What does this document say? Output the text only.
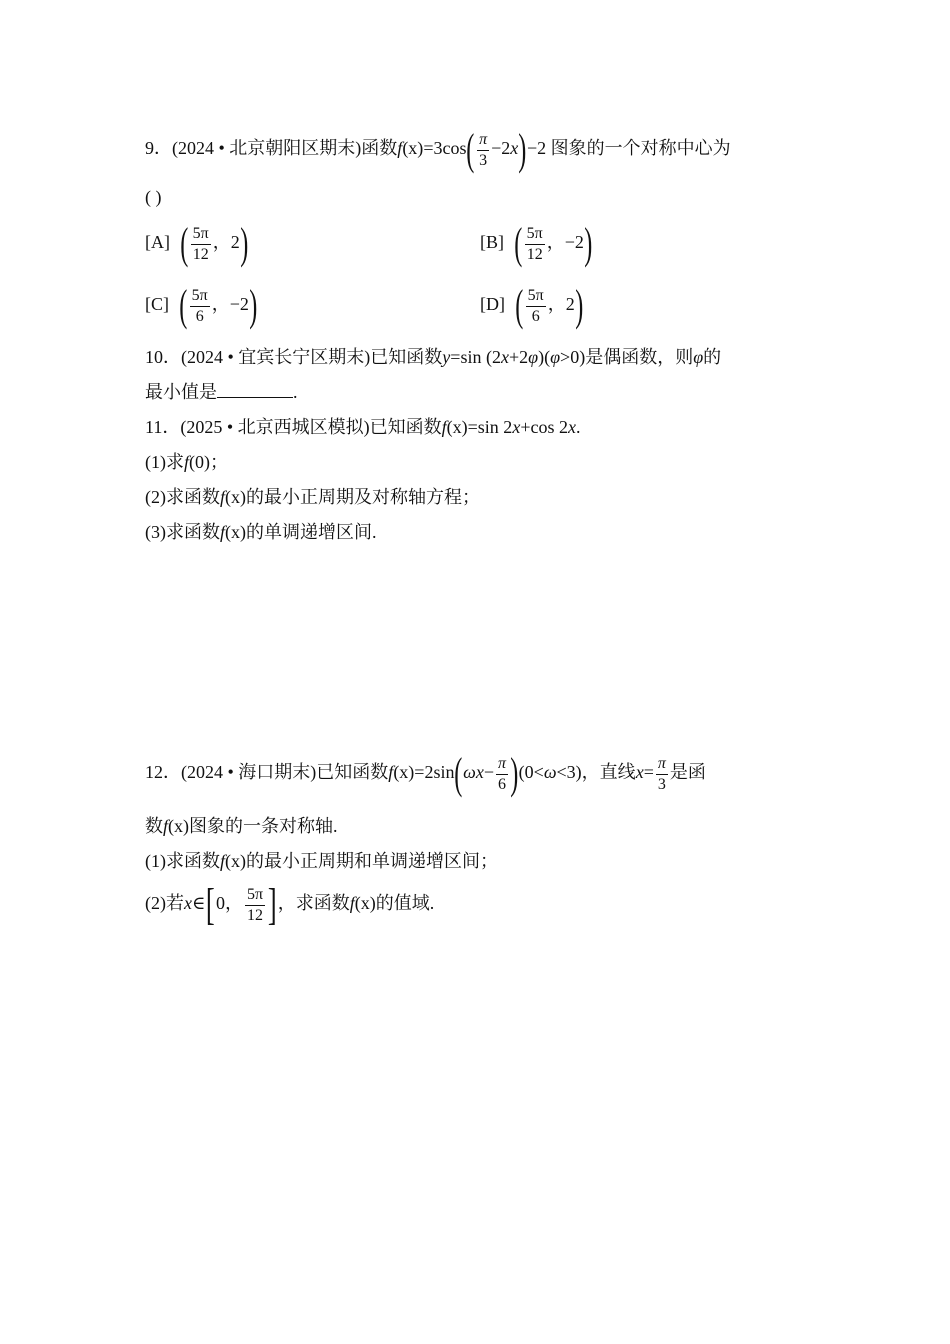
9．(2024 • 北京朝阳区期末)函数$f(x)=3\cos( \frac{\pi}{3} -2x)-2$ 图象的一个对称中心为
( )
[A] ( $\frac{5\pi}{12}$ ，2)	[B] ( $\frac{5\pi}{12}$ ，−2)
[C] ( $\frac{5\pi}{6}$ ，−2)	[D] ( $\frac{5\pi}{6}$ ，2)
10．(2024 • 宜宾长宁区期末)已知函数y=sin (2x+2φ)(φ>0)是偶函数，则φ的
最小值是	.
11．(2025 • 北京西城区模拟)已知函数f(x)=sin 2x+cos 2x.
(1)求f(0)；
(2)求函数f(x)的最小正周期及对称轴方程；
(3)求函数f(x)的单调递增区间.
12．(2024 • 海口期末)已知函数$f(x)=2\sin(\omega x- \frac{\pi}{6} )(0<\omega<3)$，直线$x= \frac{\pi}{3}$ 是函
数f(x)图象的一条对称轴.
(1)求函数f(x)的最小正周期和单调递增区间；
(2)若x∈[0， $\frac{5\pi}{12}$ ]，求函数f(x)的值域.
